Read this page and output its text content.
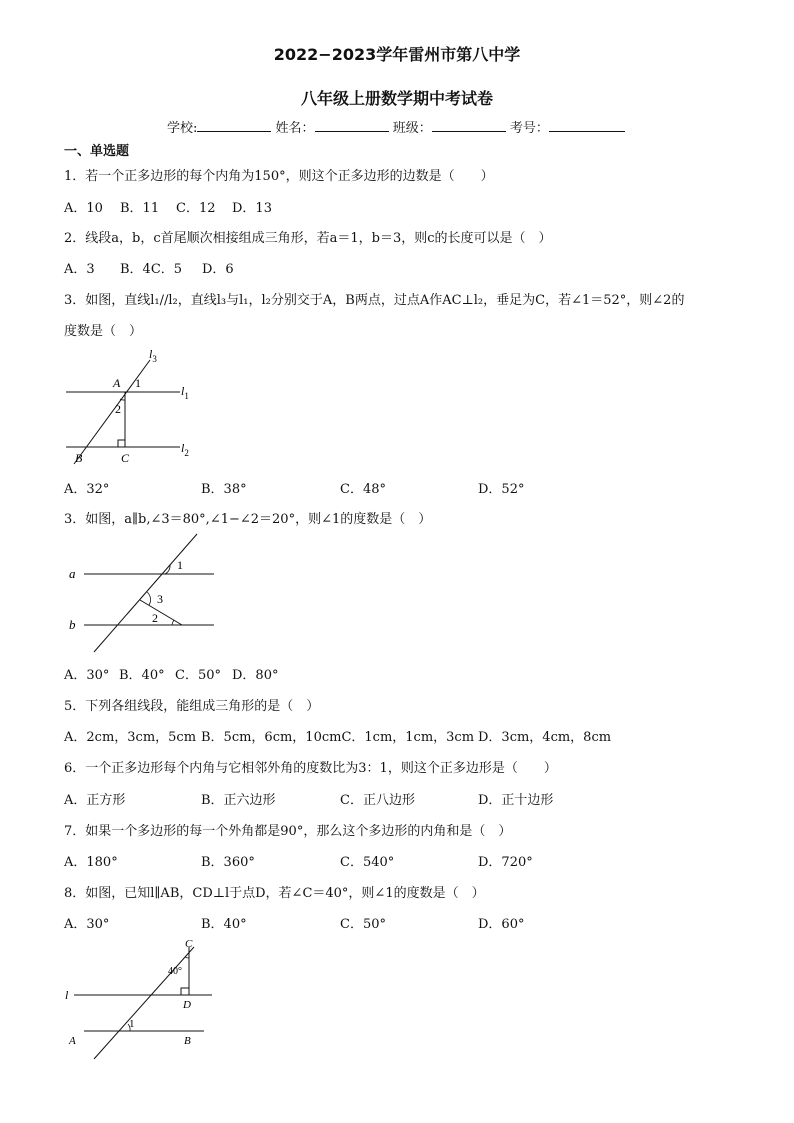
2022−2023学年雷州市第八中学
八年级上册数学期中考试卷
学校:	姓名：	班级：	考号：
一、单选题
1．若一个正多边形的每个内角为150°，则这个正多边形的边数是（　　）
A．10 B．11 C．12 D．13
2．线段a，b，c首尾顺次相接组成三角形，若a＝1，b＝3，则c的长度可以是（　）
A．3 B．4C．5 D．6
3．如图，直线l₁//l₂，直线l₃与l₁，l₂分别交于A，B两点，过点A作AC⊥l₂，垂足为C，若∠1＝52°，则∠2的
度数是（　）
$l_3$
$l_1$
$l_2$
A 1
2
B	C
A．32°	B．38°	C．48°	D．52°
3．如图，a∥b,∠3＝80°,∠1−∠2＝20°，则∠1的度数是（　）
a
b
1
2
3
A．30° B．40° C．50° D．80°
5．下列各组线段，能组成三角形的是（　）
A．2cm，3cm，5cm B．5cm，6cm，10cmC．1cm，1cm，3cm D．3cm，4cm，8cm
6．一个正多边形每个内角与它相邻外角的度数比为3：1，则这个正多边形是（　　）
A．正方形	B．正六边形	C．正八边形	D．正十边形
7．如果一个多边形的每一个外角都是90°，那么这个多边形的内角和是（　）
A．180°	B．360°	C．540°	D．720°
8．如图，已知l∥AB，CD⊥l于点D，若∠C＝40°，则∠1的度数是（　）
A．30°	B．40°	C．50°	D．60°
C
40°
D
l
1
A	B
